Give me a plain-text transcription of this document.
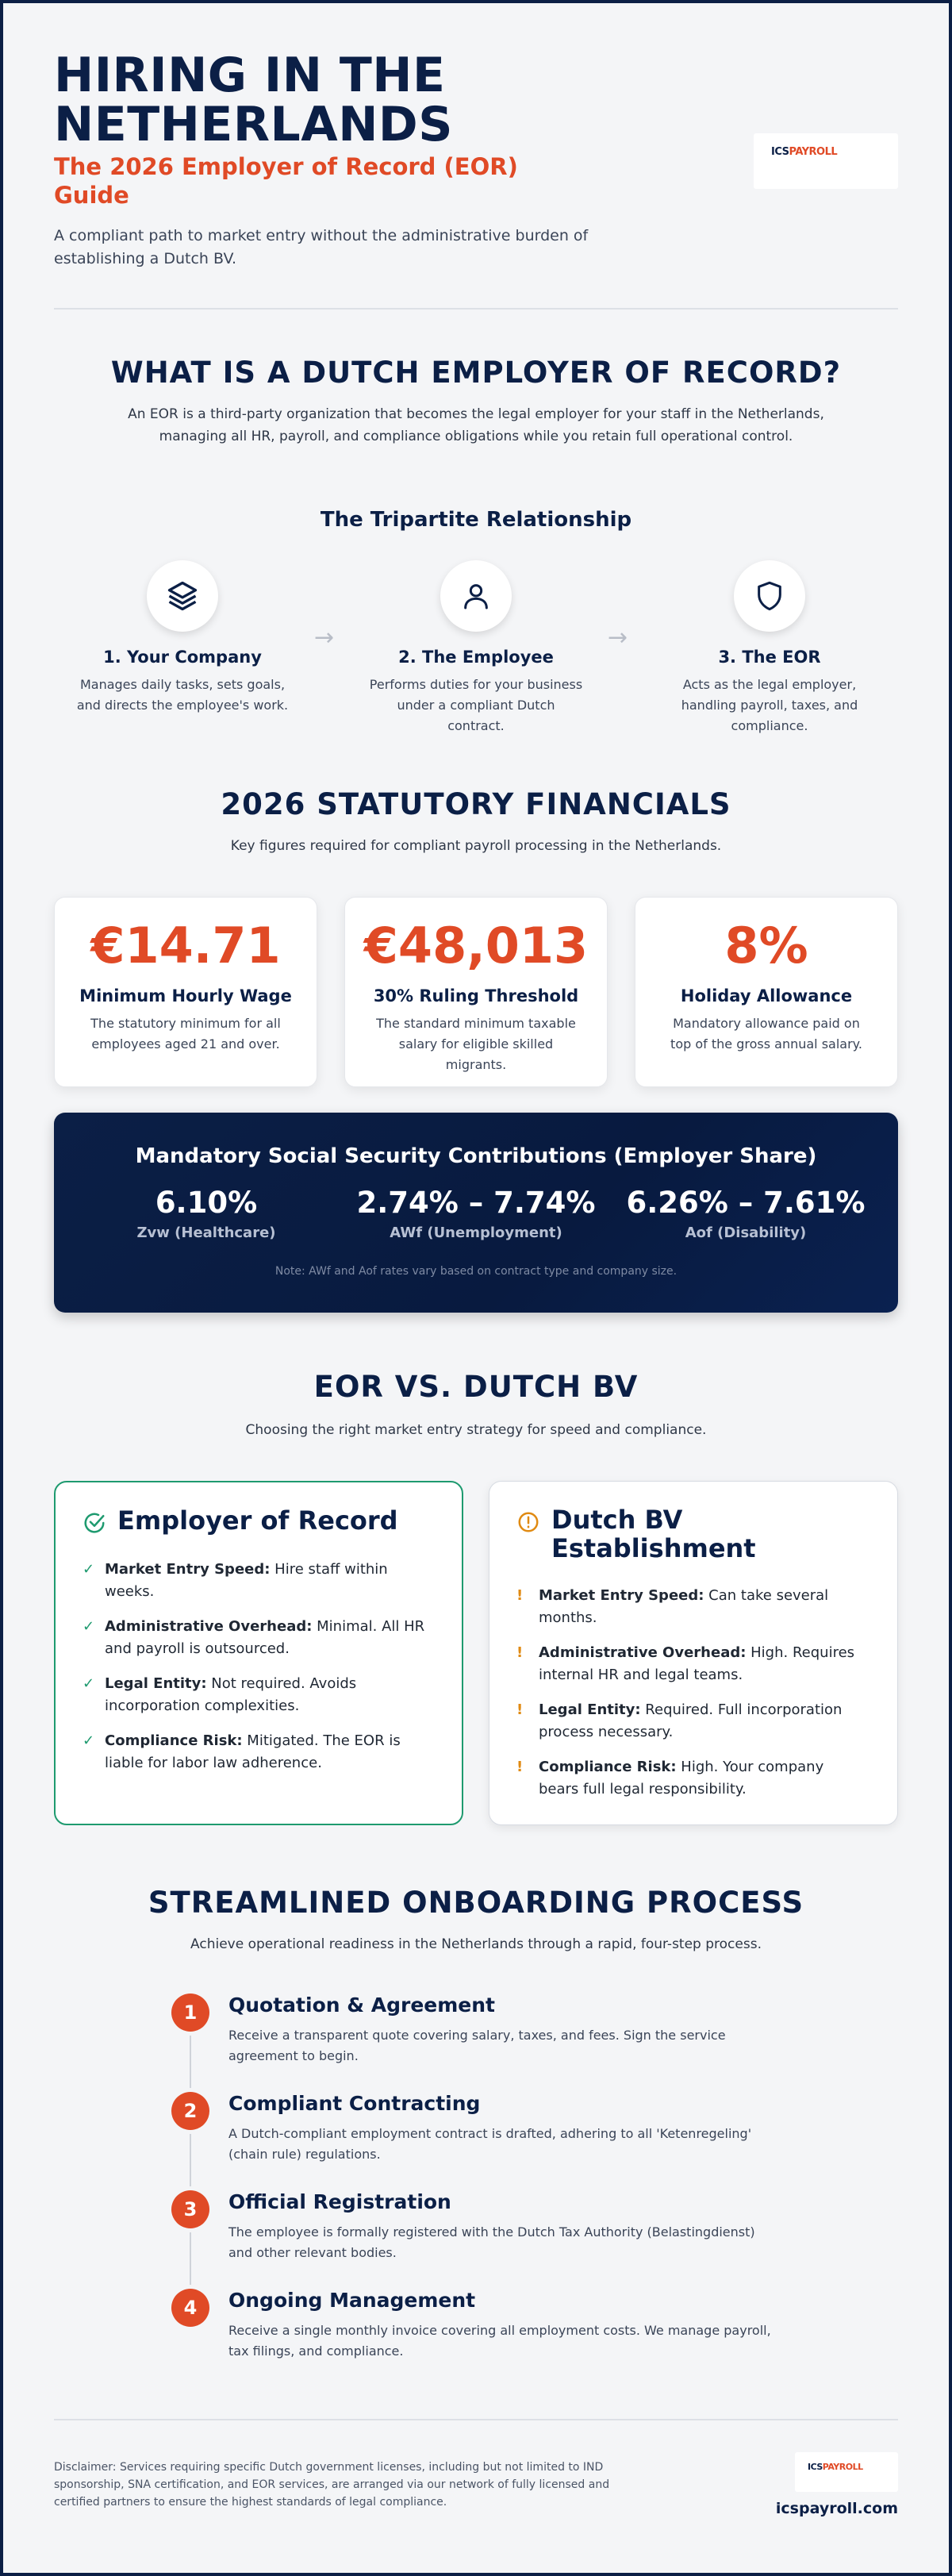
HIRING IN THE NETHERLANDS
The 2026 Employer of Record (EOR) Guide
A compliant path to market entry without the administrative burden of establishing a Dutch BV.
ICSPAYROLL
WHAT IS A DUTCH EMPLOYER OF RECORD?
An EOR is a third-party organization that becomes the legal employer for your staff in the Netherlands, managing all HR, payroll, and compliance obligations while you retain full operational control.
The Tripartite Relationship
1. Your Company
Manages daily tasks, sets goals, and directs the employee's work.
→
2. The Employee
Performs duties for your business under a compliant Dutch contract.
→
3. The EOR
Acts as the legal employer, handling payroll, taxes, and compliance.
2026 STATUTORY FINANCIALS
Key figures required for compliant payroll processing in the Netherlands.
€14.71
Minimum Hourly Wage
The statutory minimum for all employees aged 21 and over.
€48,013
30% Ruling Threshold
The standard minimum taxable salary for eligible skilled migrants.
8%
Holiday Allowance
Mandatory allowance paid on top of the gross annual salary.
Mandatory Social Security Contributions (Employer Share)
6.10%
Zvw (Healthcare)
2.74% – 7.74%
AWf (Unemployment)
6.26% – 7.61%
Aof (Disability)
Note: AWf and Aof rates vary based on contract type and company size.
EOR VS. DUTCH BV
Choosing the right market entry strategy for speed and compliance.
Employer of Record
✓ Market Entry Speed: Hire staff within weeks.
✓ Administrative Overhead: Minimal. All HR and payroll is outsourced.
✓ Legal Entity: Not required. Avoids incorporation complexities.
✓ Compliance Risk: Mitigated. The EOR is liable for labor law adherence.
Dutch BV Establishment
!	Market Entry Speed: Can take several months.
!	Administrative Overhead: High. Requires internal HR and legal teams.
!	Legal Entity: Required. Full incorporation process necessary.
!	Compliance Risk: High. Your company bears full legal responsibility.
STREAMLINED ONBOARDING PROCESS
Achieve operational readiness in the Netherlands through a rapid, four-step process.
1	Quotation & Agreement
Receive a transparent quote covering salary, taxes, and fees. Sign the service agreement to begin.
2	Compliant Contracting
A Dutch-compliant employment contract is drafted, adhering to all 'Ketenregeling' (chain rule) regulations.
3	Official Registration
The employee is formally registered with the Dutch Tax Authority (Belastingdienst) and other relevant bodies.
4	Ongoing Management
Receive a single monthly invoice covering all employment costs. We manage payroll, tax filings, and compliance.
Disclaimer: Services requiring specific Dutch government licenses, including but not limited to IND sponsorship, SNA certification, and EOR services, are arranged via our network of fully licensed and certified partners to ensure the highest standards of legal compliance.
ICSPAYROLL
icspayroll.com
